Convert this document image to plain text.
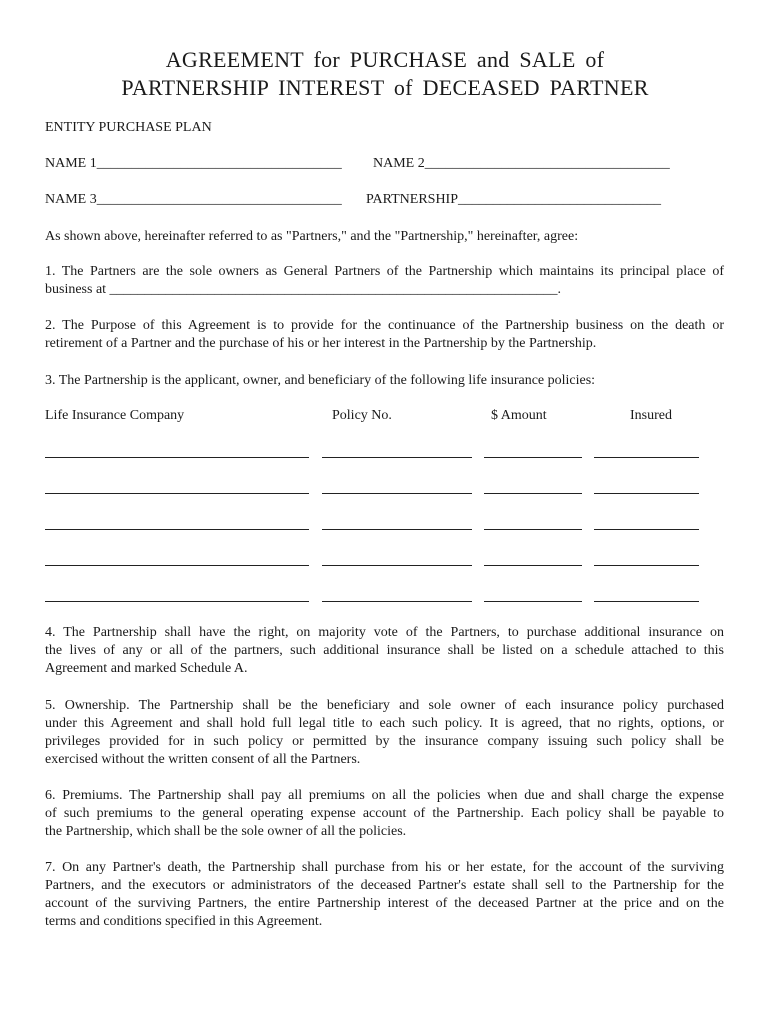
AGREEMENT for PURCHASE and SALE of
PARTNERSHIP INTEREST of DECEASED PARTNER
ENTITY PURCHASE PLAN
NAME 1___________________________________ NAME 2___________________________________
NAME 3___________________________________ PARTNERSHIP_____________________________
As shown above, hereinafter referred to as "Partners," and the "Partnership," hereinafter, agree:
1. The Partners are the sole owners as General Partners of the Partnership which maintains its principal place of
business at ________________________________________________________________.
2. The Purpose of this Agreement is to provide for the continuance of the Partnership business on the death or
retirement of a Partner and the purchase of his or her interest in the Partnership by the Partnership.
3. The Partnership is the applicant, owner, and beneficiary of the following life insurance policies:
Life Insurance Company	Policy No.	$ Amount	Insured
4. The Partnership shall have the right, on majority vote of the Partners, to purchase additional insurance on
the lives of any or all of the partners, such additional insurance shall be listed on a schedule attached to this
Agreement and marked Schedule A.
5. Ownership. The Partnership shall be the beneficiary and sole owner of each insurance policy purchased
under this Agreement and shall hold full legal title to each such policy. It is agreed, that no rights, options, or
privileges provided for in such policy or permitted by the insurance company issuing such policy shall be
exercised without the written consent of all the Partners.
6. Premiums. The Partnership shall pay all premiums on all the policies when due and shall charge the expense
of such premiums to the general operating expense account of the Partnership. Each policy shall be payable to
the Partnership, which shall be the sole owner of all the policies.
7. On any Partner's death, the Partnership shall purchase from his or her estate, for the account of the surviving
Partners, and the executors or administrators of the deceased Partner's estate shall sell to the Partnership for the
account of the surviving Partners, the entire Partnership interest of the deceased Partner at the price and on the
terms and conditions specified in this Agreement.
